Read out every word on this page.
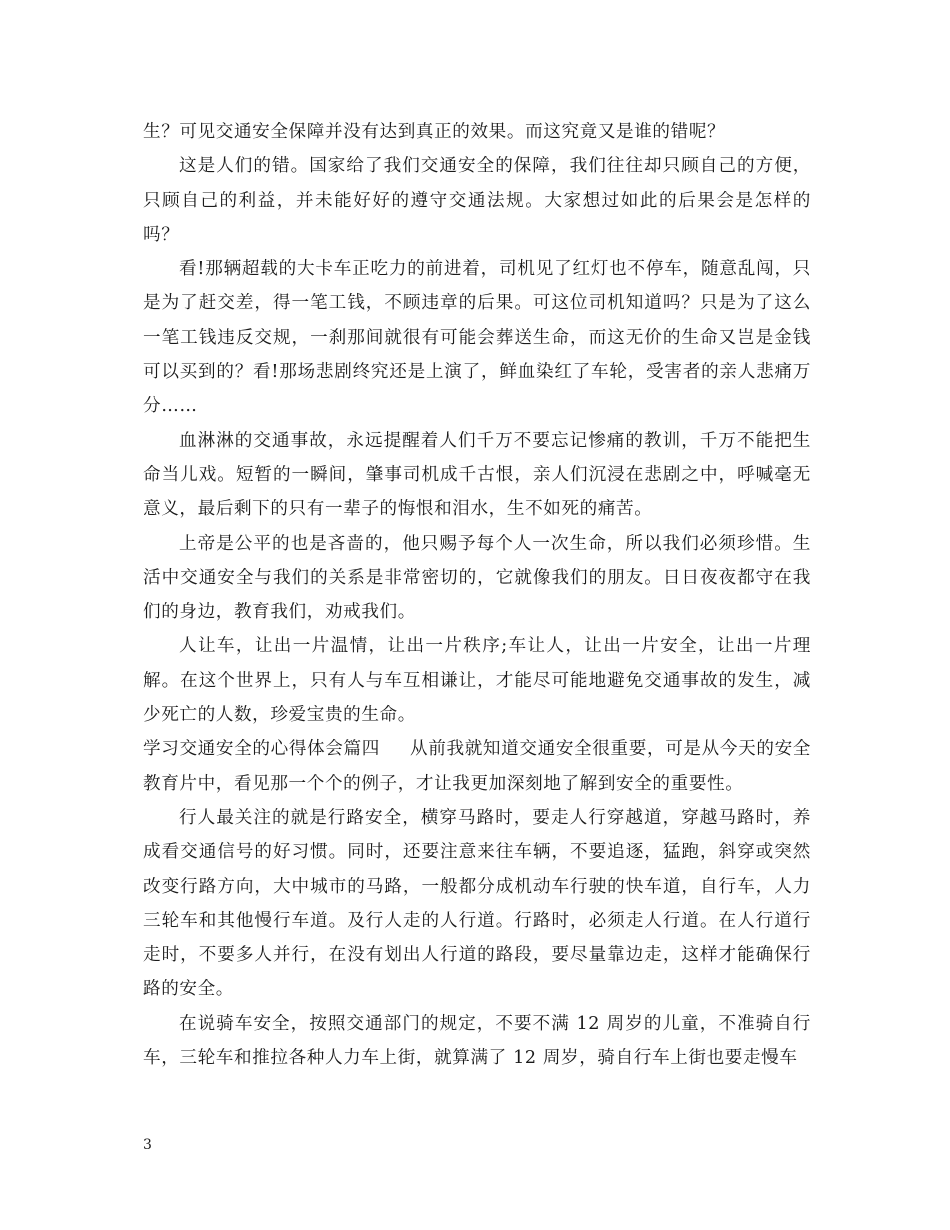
生？可见交通安全保障并没有达到真正的效果。而这究竟又是谁的错呢？

这是人们的错。国家给了我们交通安全的保障，我们往往却只顾自己的方便，只顾自己的利益，并未能好好的遵守交通法规。大家想过如此的后果会是怎样的吗？

看!那辆超载的大卡车正吃力的前进着，司机见了红灯也不停车，随意乱闯，只是为了赶交差，得一笔工钱，不顾违章的后果。可这位司机知道吗？只是为了这么一笔工钱违反交规，一刹那间就很有可能会葬送生命，而这无价的生命又岂是金钱可以买到的？看!那场悲剧终究还是上演了，鲜血染红了车轮，受害者的亲人悲痛万分……

血淋淋的交通事故，永远提醒着人们千万不要忘记惨痛的教训，千万不能把生命当儿戏。短暂的一瞬间，肇事司机成千古恨，亲人们沉浸在悲剧之中，呼喊毫无意义，最后剩下的只有一辈子的悔恨和泪水，生不如死的痛苦。

上帝是公平的也是吝啬的，他只赐予每个人一次生命，所以我们必须珍惜。生活中交通安全与我们的关系是非常密切的，它就像我们的朋友。日日夜夜都守在我们的身边，教育我们，劝戒我们。

人让车，让出一片温情，让出一片秩序;车让人，让出一片安全，让出一片理解。在这个世界上，只有人与车互相谦让，才能尽可能地避免交通事故的发生，减少死亡的人数，珍爱宝贵的生命。

学习交通安全的心得体会篇四 从前我就知道交通安全很重要，可是从今天的安全教育片中，看见那一个个的例子，才让我更加深刻地了解到安全的重要性。

行人最关注的就是行路安全，横穿马路时，要走人行穿越道，穿越马路时，养成看交通信号的好习惯。同时，还要注意来往车辆，不要追逐，猛跑，斜穿或突然改变行路方向，大中城市的马路，一般都分成机动车行驶的快车道，自行车，人力三轮车和其他慢行车道。及行人走的人行道。行路时，必须走人行道。在人行道行走时，不要多人并行，在没有划出人行道的路段，要尽量靠边走，这样才能确保行路的安全。

在说骑车安全，按照交通部门的规定，不要不满 12 周岁的儿童，不准骑自行车，三轮车和推拉各种人力车上街，就算满了 12 周岁，骑自行车上街也要走慢车

3
